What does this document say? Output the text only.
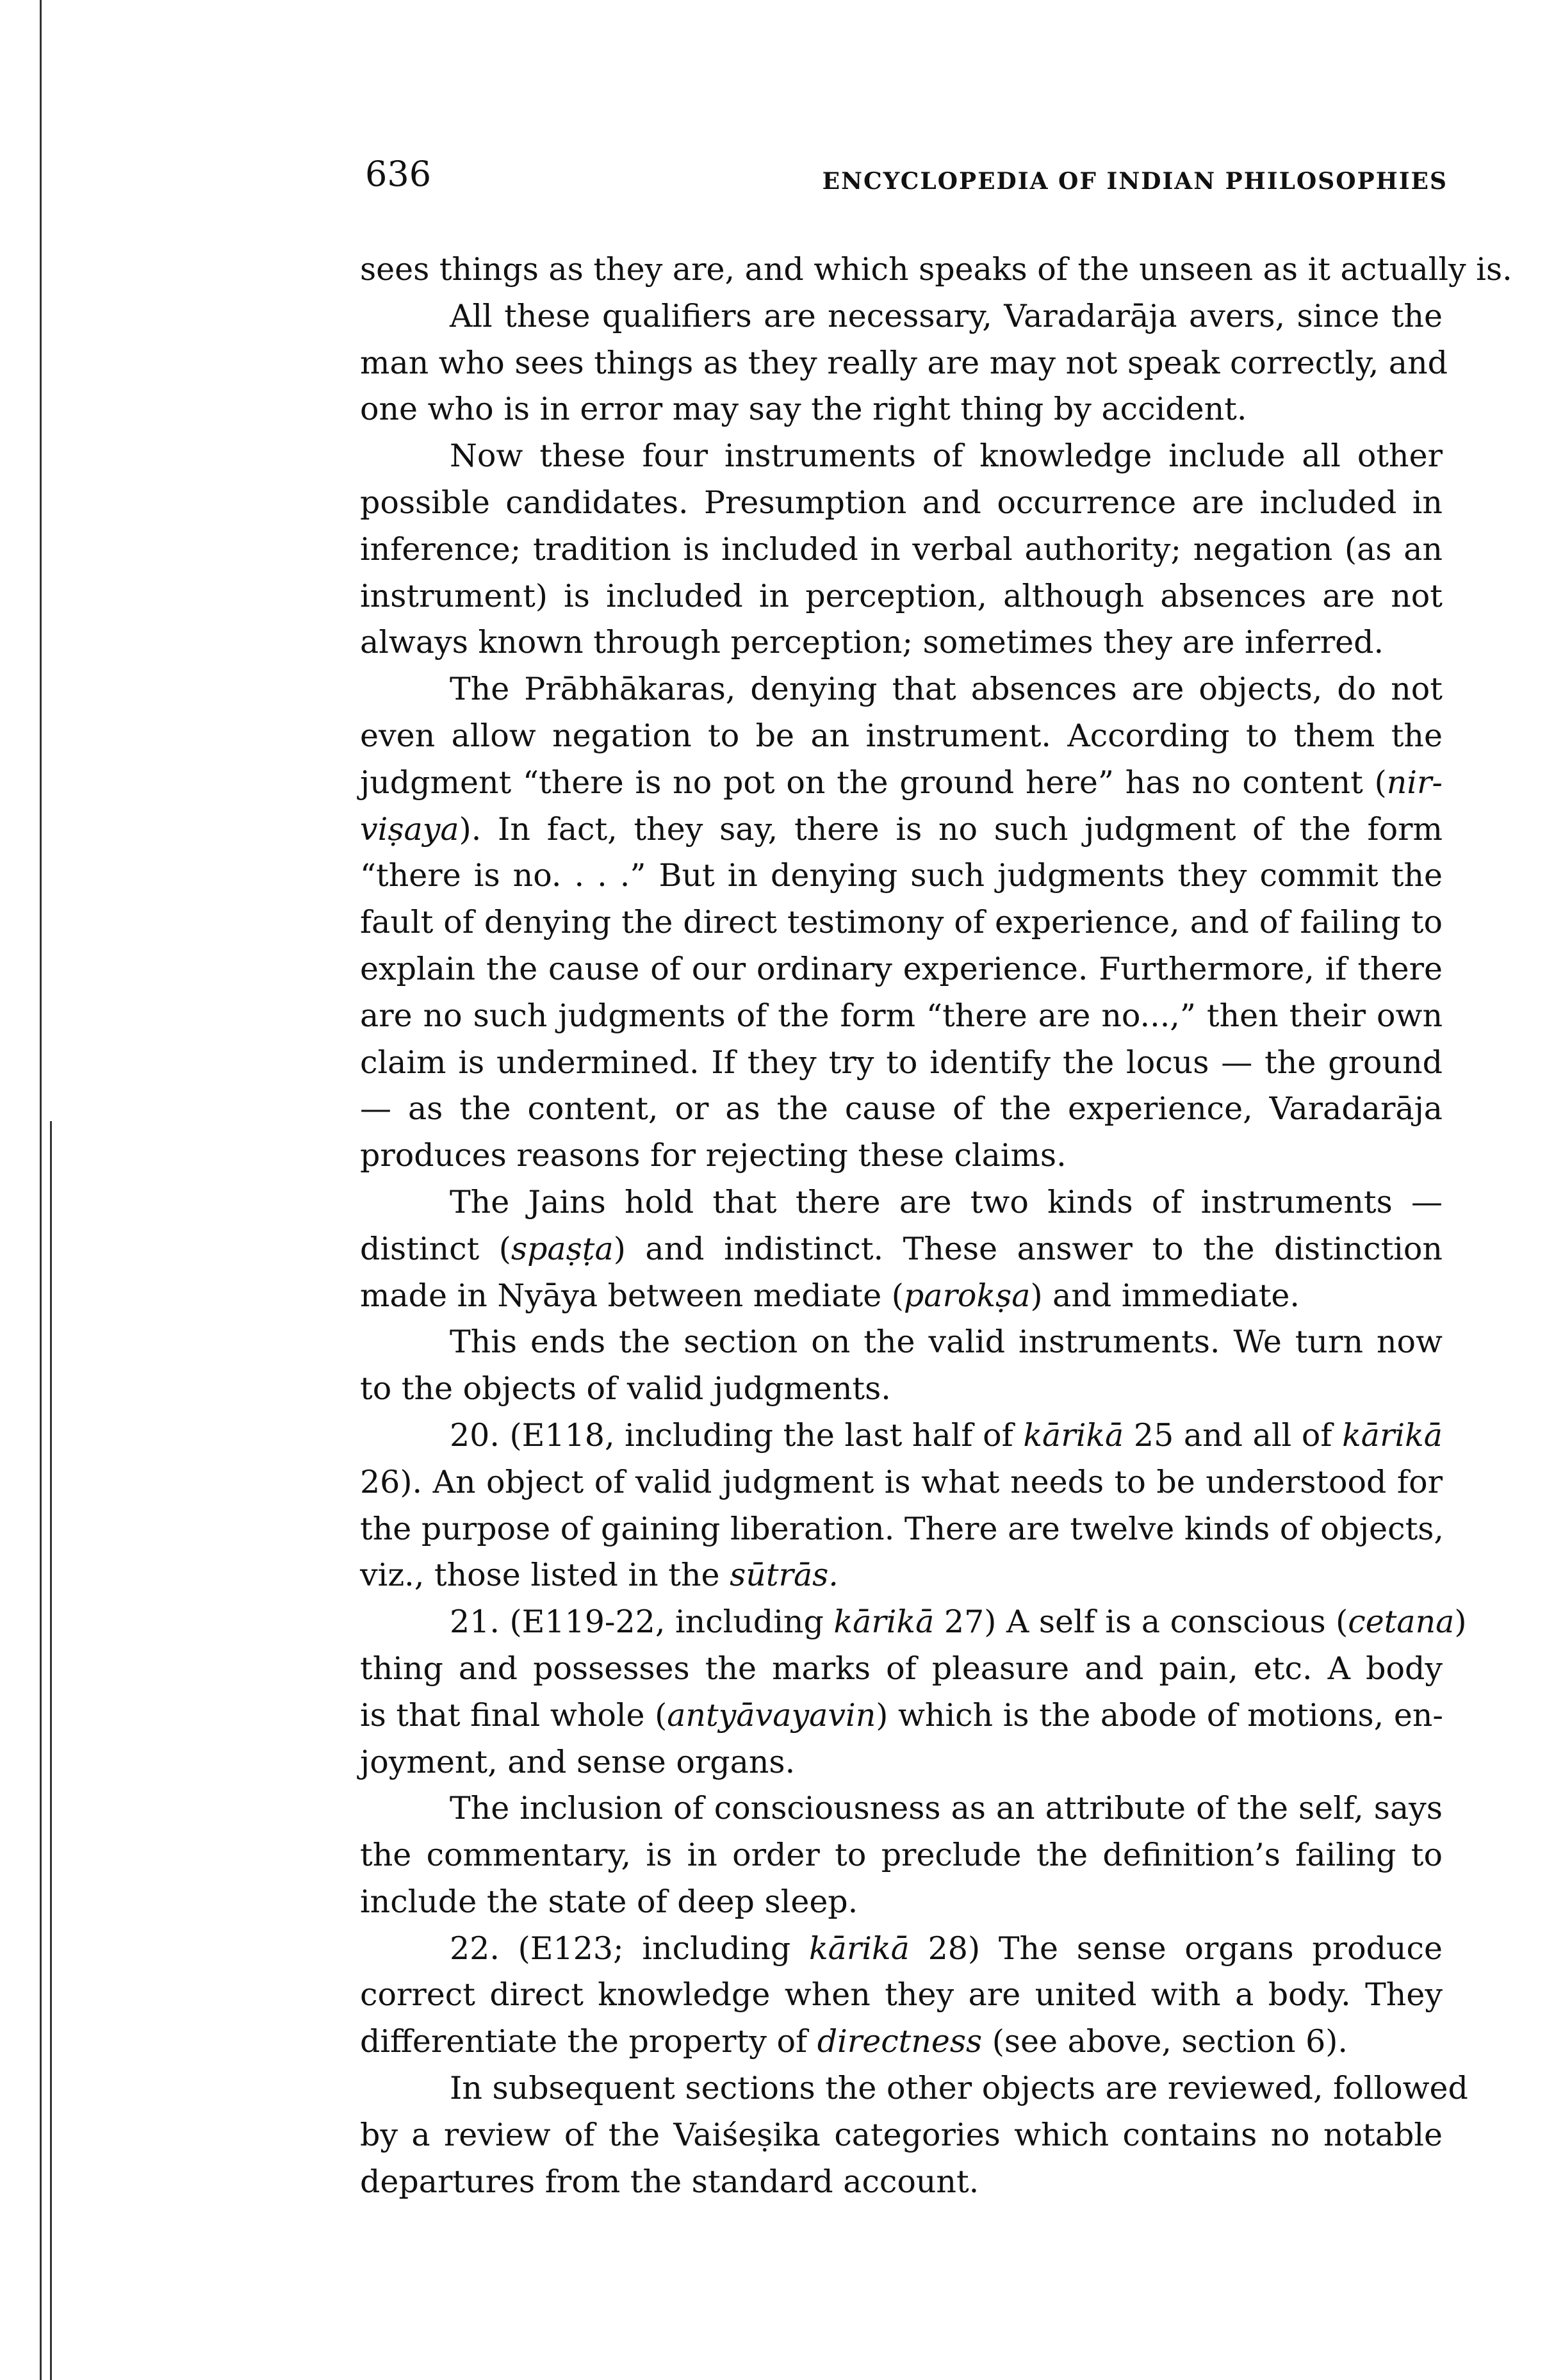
636	ENCYCLOPEDIA OF INDIAN PHILOSOPHIES
sees things as they are, and which speaks of the unseen as it actually is.
All these qualifiers are necessary, Varadarāja avers, since the
man who sees things as they really are may not speak correctly, and
one who is in error may say the right thing by accident.
Now these four instruments of knowledge include all other
possible candidates. Presumption and occurrence are included in
inference; tradition is included in verbal authority; negation (as an
instrument) is included in perception, although absences are not
always known through perception; sometimes they are inferred.
The Prābhākaras, denying that absences are objects, do not
even allow negation to be an instrument. According to them the
judgment “there is no pot on the ground here” has no content (nir-
viṣaya). In fact, they say, there is no such judgment of the form
“there is no. . . .” But in denying such judgments they commit the
fault of denying the direct testimony of experience, and of failing to
explain the cause of our ordinary experience. Furthermore, if there
are no such judgments of the form “there are no...,” then their own
claim is undermined. If they try to identify the locus — the ground
— as the content, or as the cause of the experience, Varadarāja
produces reasons for rejecting these claims.
The Jains hold that there are two kinds of instruments —
distinct (spaṣṭa) and indistinct. These answer to the distinction
made in Nyāya between mediate (parokṣa) and immediate.
This ends the section on the valid instruments. We turn now
to the objects of valid judgments.
20. (E118, including the last half of kārikā 25 and all of kārikā
26). An object of valid judgment is what needs to be understood for
the purpose of gaining liberation. There are twelve kinds of objects,
viz., those listed in the sūtrās.
21. (E119-22, including kārikā 27) A self is a conscious (cetana)
thing and possesses the marks of pleasure and pain, etc. A body
is that final whole (antyāvayavin) which is the abode of motions, en-
joyment, and sense organs.
The inclusion of consciousness as an attribute of the self, says
the commentary, is in order to preclude the definition’s failing to
include the state of deep sleep.
22. (E123; including kārikā 28) The sense organs produce
correct direct knowledge when they are united with a body. They
differentiate the property of directness (see above, section 6).
In subsequent sections the other objects are reviewed, followed
by a review of the Vaiśeṣika categories which contains no notable
departures from the standard account.
